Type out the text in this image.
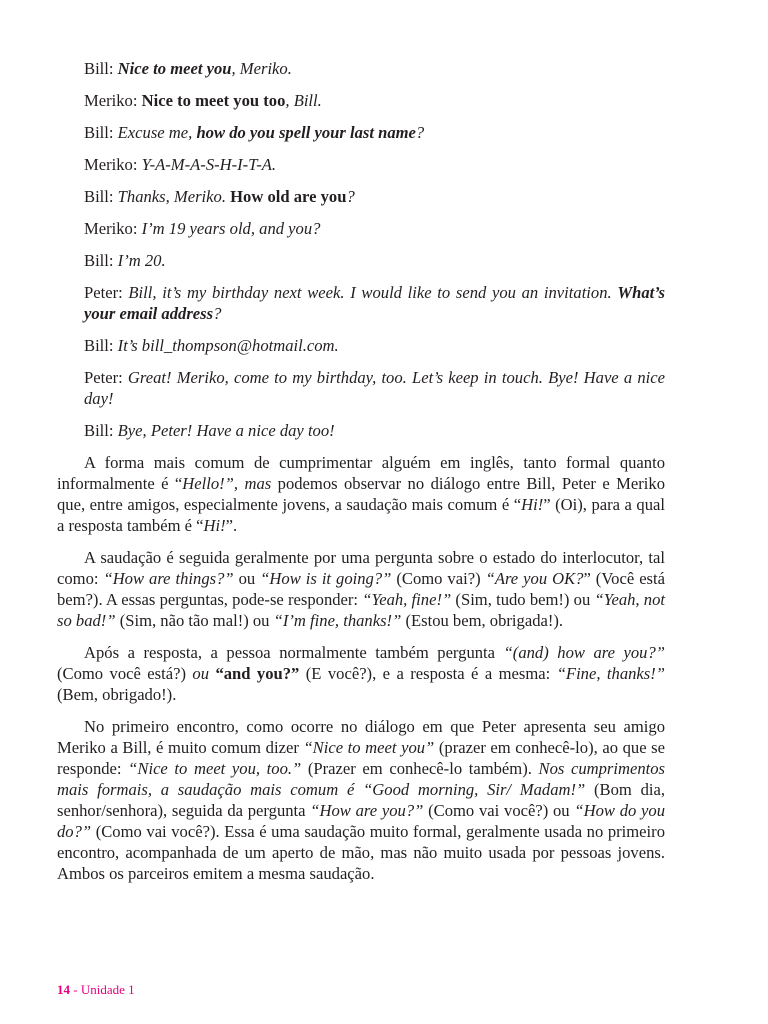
Bill: Nice to meet you, Meriko.

Meriko: Nice to meet you too, Bill.

Bill: Excuse me, how do you spell your last name?

Meriko: Y-A-M-A-S-H-I-T-A.

Bill: Thanks, Meriko. How old are you?

Meriko: I’m 19 years old, and you?

Bill: I’m 20.

Peter: Bill, it’s my birthday next week. I would like to send you an invitation. What’s your email address?

Bill: It’s bill_thompson@hotmail.com.

Peter: Great! Meriko, come to my birthday, too. Let’s keep in touch. Bye! Have a nice day!

Bill: Bye, Peter! Have a nice day too!

A forma mais comum de cumprimentar alguém em inglês, tanto formal quanto informalmente é “Hello!”, mas podemos observar no diálogo entre Bill, Peter e Meriko que, entre amigos, especialmente jovens, a saudação mais comum é “Hi!” (Oi), para a qual a resposta também é “Hi!”.

A saudação é seguida geralmente por uma pergunta sobre o estado do interlocutor, tal como: “How are things?” ou “How is it going?” (Como vai?) “Are you OK?” (Você está bem?). A essas perguntas, pode-se responder: “Yeah, fine!” (Sim, tudo bem!) ou “Yeah, not so bad!” (Sim, não tão mal!) ou “I’m fine, thanks!” (Estou bem, obrigada!).

Após a resposta, a pessoa normalmente também pergunta “(and) how are you?” (Como você está?) ou “and you?” (E você?), e a resposta é a mesma: “Fine, thanks!” (Bem, obrigado!).

No primeiro encontro, como ocorre no diálogo em que Peter apresenta seu amigo Meriko a Bill, é muito comum dizer “Nice to meet you” (prazer em conhecê-lo), ao que se responde: “Nice to meet you, too.” (Prazer em conhecê-lo também). Nos cumprimentos mais formais, a saudação mais comum é “Good morning, Sir/ Madam!” (Bom dia, senhor/senhora), seguida da pergunta “How are you?” (Como vai você?) ou “How do you do?” (Como vai você?). Essa é uma saudação muito formal, geralmente usada no primeiro encontro, acompanhada de um aperto de mão, mas não muito usada por pessoas jovens. Ambos os parceiros emitem a mesma saudação.

14 - Unidade 1
